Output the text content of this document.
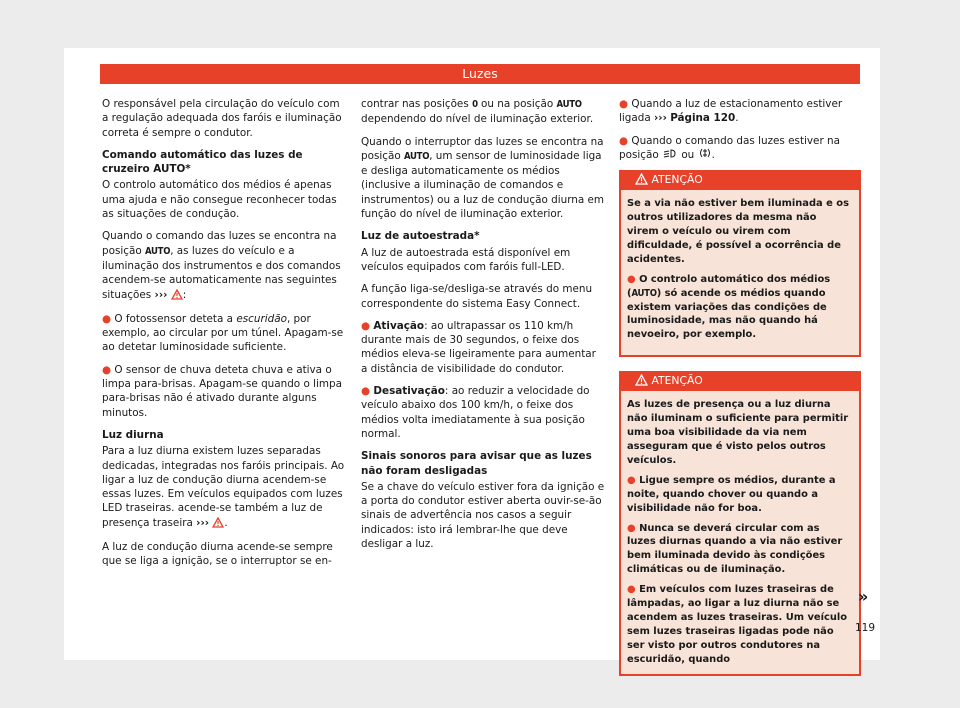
Luzes

O responsável pela circulação do veículo com a regulação adequada dos faróis e iluminação correta é sempre o condutor.

Comando automático das luzes de cruzeiro AUTO*

O controlo automático dos médios é apenas uma ajuda e não consegue reconhecer todas as situações de condução.

Quando o comando das luzes se encontra na posição AUTO, as luzes do veículo e a iluminação dos instrumentos e dos comandos acendem-se automaticamente nas seguintes situações ››› :

● O fotossensor deteta a escuridão, por exemplo, ao circular por um túnel. Apagam-se ao detetar luminosidade suficiente.

● O sensor de chuva deteta chuva e ativa o limpa para-brisas. Apagam-se quando o limpa para-brisas não é ativado durante alguns minutos.

Luz diurna

Para a luz diurna existem luzes separadas dedicadas, integradas nos faróis principais. Ao ligar a luz de condução diurna acendem-se essas luzes. Em veículos equipados com luzes LED traseiras. acende-se também a luz de presença traseira ››› .

A luz de condução diurna acende-se sempre que se liga a ignição, se o interruptor se en-

contrar nas posições 0 ou na posição AUTO dependendo do nível de iluminação exterior.

Quando o interruptor das luzes se encontra na posição AUTO, um sensor de luminosidade liga e desliga automaticamente os médios (inclusive a iluminação de comandos e instrumentos) ou a luz de condução diurna em função do nível de iluminação exterior.

Luz de autoestrada*

A luz de autoestrada está disponível em veículos equipados com faróis full-LED.

A função liga-se/desliga-se através do menu correspondente do sistema Easy Connect.

● Ativação: ao ultrapassar os 110 km/h durante mais de 30 segundos, o feixe dos médios eleva-se ligeiramente para aumentar a distância de visibilidade do condutor.

● Desativação: ao reduzir a velocidade do veículo abaixo dos 100 km/h, o feixe dos médios volta imediatamente à sua posição normal.

Sinais sonoros para avisar que as luzes não foram desligadas

Se a chave do veículo estiver fora da ignição e a porta do condutor estiver aberta ouvir-se-ão sinais de advertência nos casos a seguir indicados: isto irá lembrar-lhe que deve desligar a luz.

● Quando a luz de estacionamento estiver ligada ››› Página 120.

● Quando o comando das luzes estiver na posição ou .

ATENÇÃO

Se a via não estiver bem iluminada e os outros utilizadores da mesma não virem o veículo ou virem com dificuldade, é possível a ocorrência de acidentes.

● O controlo automático dos médios (AUTO) só acende os médios quando existem variações das condições de luminosidade, mas não quando há nevoeiro, por exemplo.

ATENÇÃO

As luzes de presença ou a luz diurna não iluminam o suficiente para permitir uma boa visibilidade da via nem asseguram que é visto pelos outros veículos.

● Ligue sempre os médios, durante a noite, quando chover ou quando a visibilidade não for boa.

● Nunca se deverá circular com as luzes diurnas quando a via não estiver bem iluminada devido às condições climáticas ou de iluminação.

● Em veículos com luzes traseiras de lâmpadas, ao ligar a luz diurna não se acendem as luzes traseiras. Um veículo sem luzes traseiras ligadas pode não ser visto por outros condutores na escuridão, quando

»
119
